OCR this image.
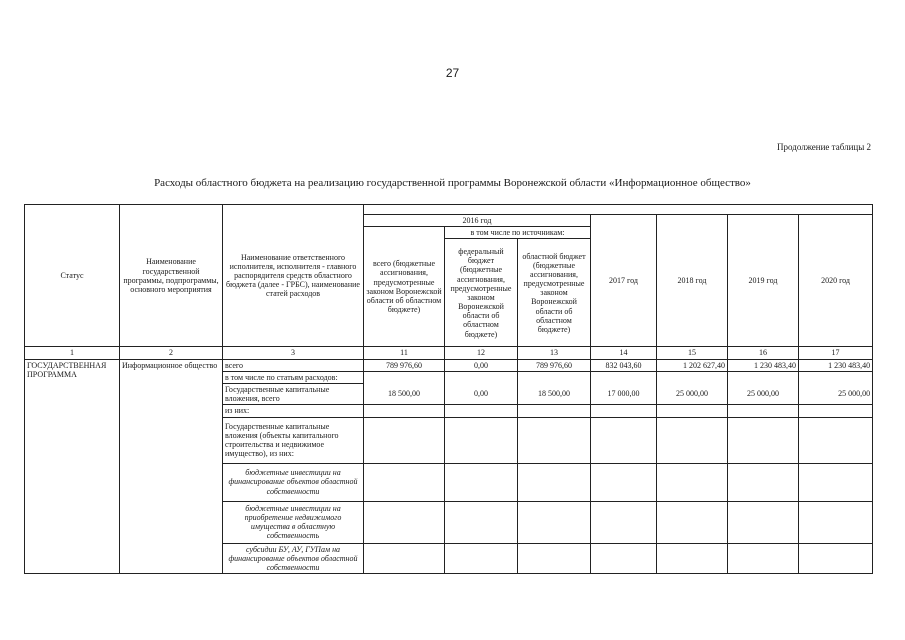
27
Продолжение таблицы 2
Расходы областного бюджета на реализацию государственной программы Воронежской области «Информационное общество»
Статус	Наименование государственной программы, подпрограммы, основного мероприятия	Наименование ответственного исполнителя, исполнителя - главного распорядителя средств областного бюджета (далее - ГРБС), наименование статей расходов							
			2016 год			2017 год	2018 год	2019 год	2020 год
			всего (бюджетные ассигнования, предусмотренные законом Воронежской области об областном бюджете)	в том числе по источникам:					
				федеральный бюджет (бюджетные ассигнования, предусмотренные законом Воронежской области об областном бюджете)	областной бюджет (бюджетные ассигнования, предусмотренные законом Воронежской области об областном бюджете)				
1	2	3	11	12	13	14	15	16	17
ГОСУДАРСТВЕННАЯ ПРОГРАММА	Информационное общество	всего	789 976,60	0,00	789 976,60	832 043,60	1 202 627,40	1 230 483,40	1 230 483,40
		в том числе по статьям расходов:							
		Государственные капитальные вложения, всего	18 500,00	0,00	18 500,00	17 000,00	25 000,00	25 000,00	25 000,00
		из них:							
		Государственные капитальные вложения (объекты капитального строительства и недвижимое имущество), из них:							
		бюджетные инвестиции на финансирование объектов областной собственности							
		бюджетные инвестиции на приобретение недвижимого имущества в областную собственность							
		субсидии БУ, АУ, ГУПам на финансирование объектов областной собственности							
